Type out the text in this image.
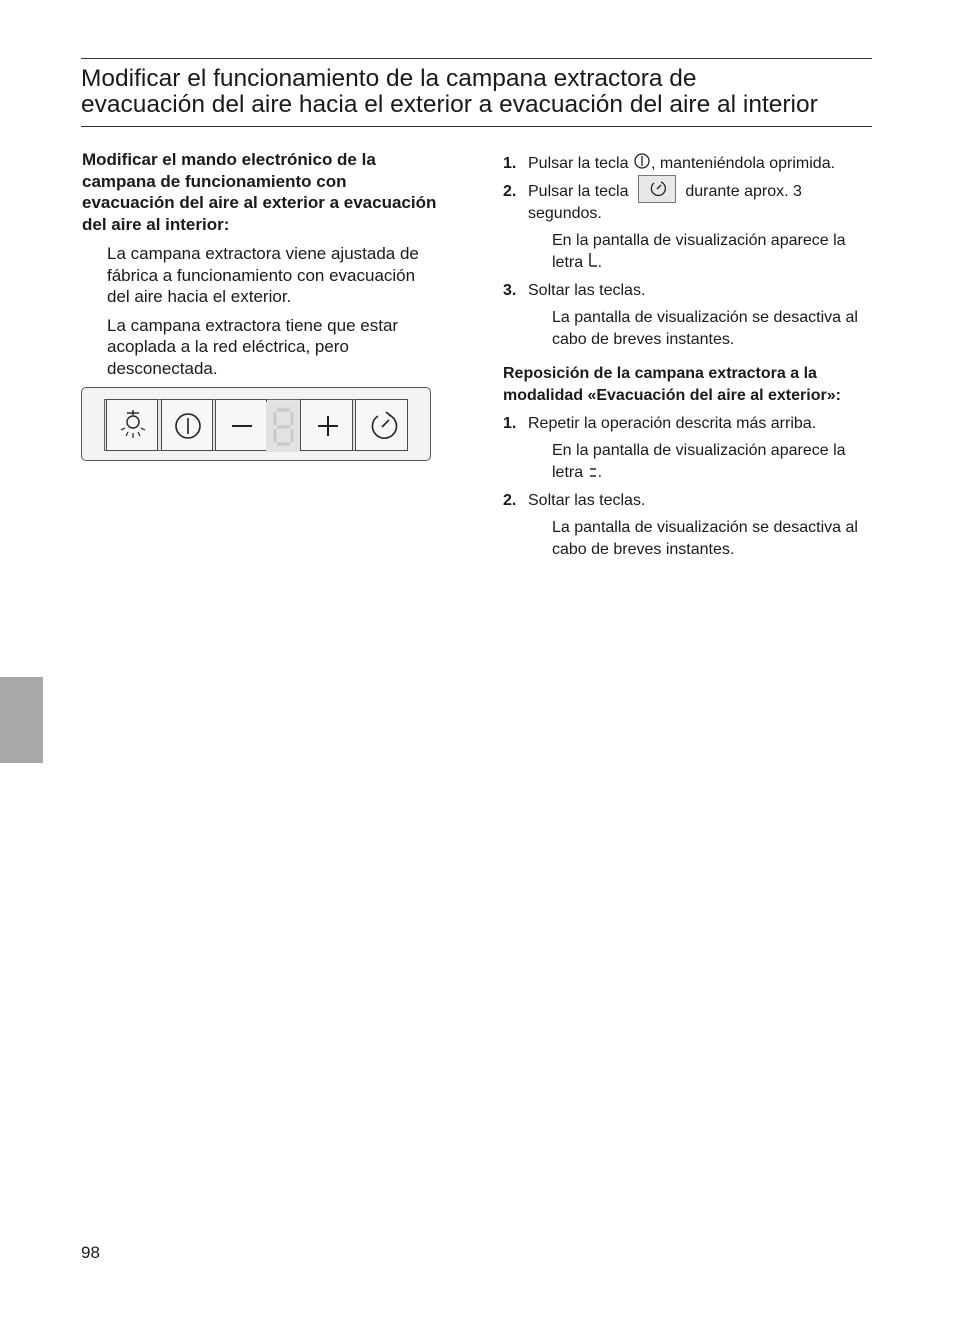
Modificar el funcionamiento de la campana extractora de
evacuación del aire hacia el exterior a evacuación del aire al interior

Modificar el mando electrónico de la campana de funcionamiento con evacuación del aire al exterior a evacuación del aire al interior:

La campana extractora viene ajustada de fábrica a funcionamiento con evacuación del aire hacia el exterior.

La campana extractora tiene que estar acoplada a la red eléctrica, pero desconectada.

1. Pulsar la tecla , manteniéndola oprimida.

2. Pulsar la tecla	durante aprox. 3 segundos.

En la pantalla de visualización aparece la letra .

3. Soltar las teclas.

La pantalla de visualización se desactiva al cabo de breves instantes.

Reposición de la campana extractora a la modalidad «Evacuación del aire al exterior»:

1. Repetir la operación descrita más arriba.

En la pantalla de visualización aparece la letra .

2. Soltar las teclas.

La pantalla de visualización se desactiva al cabo de breves instantes.

98
